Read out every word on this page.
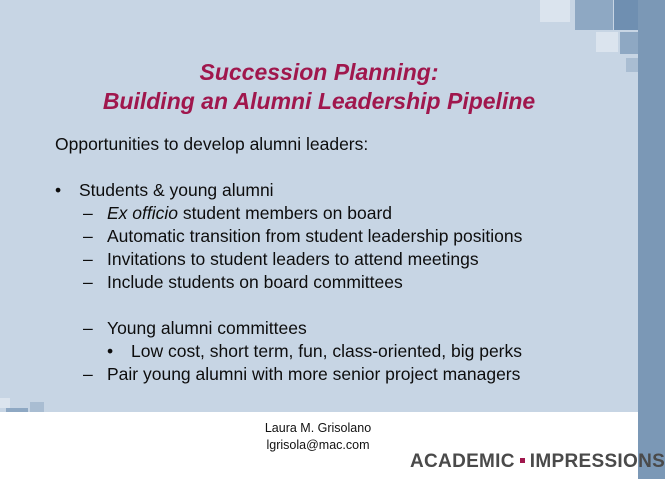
Succession Planning:
Building an Alumni Leadership Pipeline
Opportunities to develop alumni leaders:
• Students & young alumni
– Ex officio student members on board
– Automatic transition from student leadership positions
– Invitations to student leaders to attend meetings
– Include students on board committees
– Young alumni committees
• Low cost, short term, fun, class-oriented, big perks
– Pair young alumni with more senior project managers
Laura M. Grisolano
lgrisola@mac.com
ACADEMIC IMPRESSIONS
